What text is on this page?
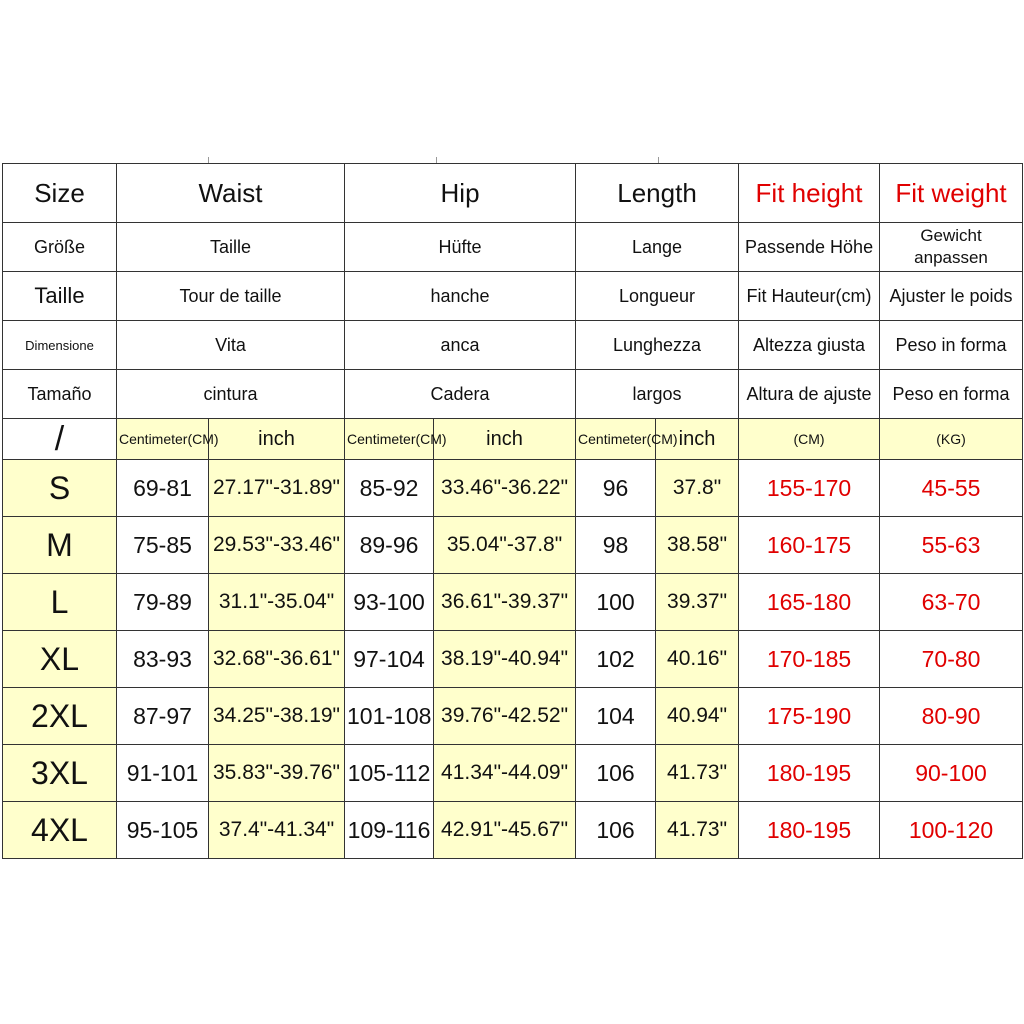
Size	Waist		Hip		Length		Fit height	Fit weight
Größe	Taille		Hüfte		Lange		Passende Höhe	Gewicht anpassen
Taille	Tour de taille		hanche		Longueur		Fit Hauteur(cm)	Ajuster le poids
Dimensione	Vita		anca		Lunghezza		Altezza giusta	Peso in forma
Tamaño	cintura		Cadera		largos		Altura de ajuste	Peso en forma
/	Centimeter(CM)	inch	Centimeter(CM)	inch	Centimeter(CM)	inch	(CM)	(KG)
S	69-81	27.17"-31.89"	85-92	33.46"-36.22"	96	37.8"	155-170	45-55
M	75-85	29.53"-33.46"	89-96	35.04"-37.8"	98	38.58"	160-175	55-63
L	79-89	31.1"-35.04"	93-100	36.61"-39.37"	100	39.37"	165-180	63-70
XL	83-93	32.68"-36.61"	97-104	38.19"-40.94"	102	40.16"	170-185	70-80
2XL	87-97	34.25"-38.19"	101-108	39.76"-42.52"	104	40.94"	175-190	80-90
3XL	91-101	35.83"-39.76"	105-112	41.34"-44.09"	106	41.73"	180-195	90-100
4XL	95-105	37.4"-41.34"	109-116	42.91"-45.67"	106	41.73"	180-195	100-120
